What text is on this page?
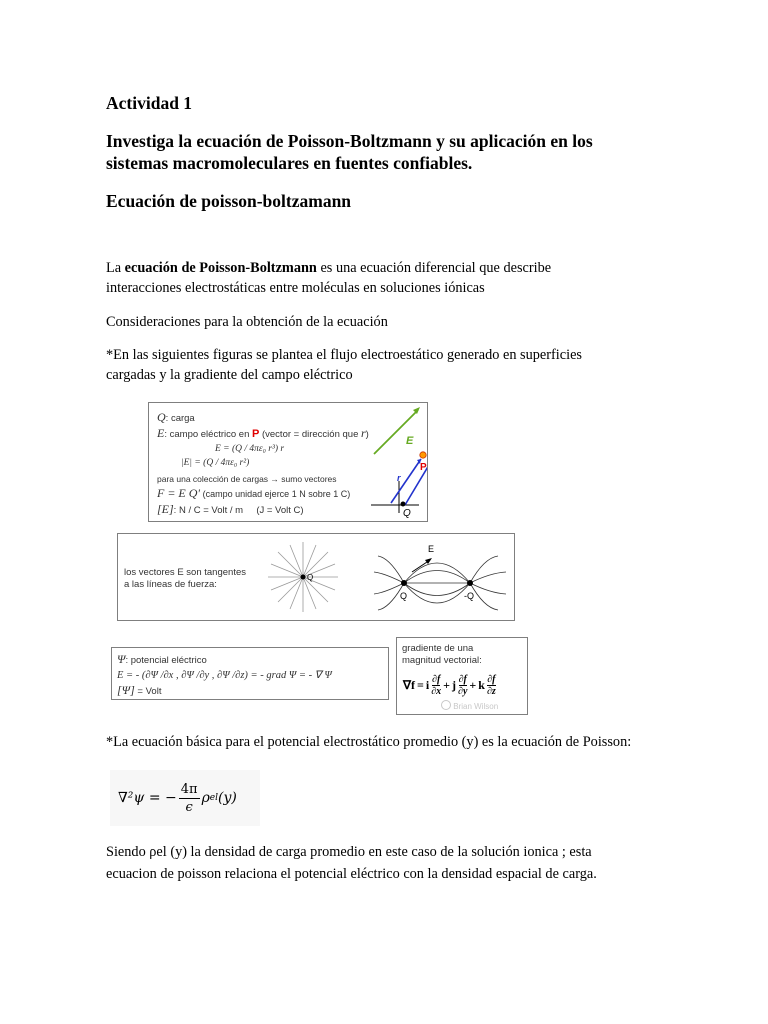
Actividad 1
Investiga la ecuación de Poisson-Boltzmann y su aplicación en los
sistemas macromoleculares en fuentes confiables.
Ecuación de poisson-boltzamann

La ecuación de Poisson-Boltzmann es una ecuación diferencial que describe
interacciones electrostáticas entre moléculas en soluciones iónicas

Consideraciones para la obtención de la ecuación

*En las siguientes figuras se plantea el flujo electroestático generado en superficies
cargadas y la gradiente del campo eléctrico

Q: carga
E: campo eléctrico en P (vector = dirección que r)
E = (Q / 4πε₀ r³) r
|E| = (Q / 4πε₀ r²)
para una colección de cargas → sumo vectores
F = E Q' (campo unidad ejerce 1 N sobre 1 C)
[E]: N / C = Volt / m (J = Volt C)
P
r
Q
E
los vectores E son tangentes
a las líneas de fuerza:
Q
E
Q	-Q
Ψ: potencial eléctrico
E = - (∂Ψ /∂x , ∂Ψ /∂y , ∂Ψ /∂z) = - grad Ψ = - ∇ Ψ
[Ψ] = Volt
gradiente de una
magnitud vectorial:
∇f = i ∂f
∂x + j ∂f
∂y + k ∂f
∂z
Brian Wilson

*La ecuación básica para el potencial electrostático promedio (y) es la ecuación de Poisson:

∇²ψ = − $\frac{4\pi}{\epsilon}$ ρ el (y)

Siendo ρel (y) la densidad de carga promedio en este caso de la solución ionica ; esta
ecuacion de poisson relaciona el potencial eléctrico con la densidad espacial de carga.
